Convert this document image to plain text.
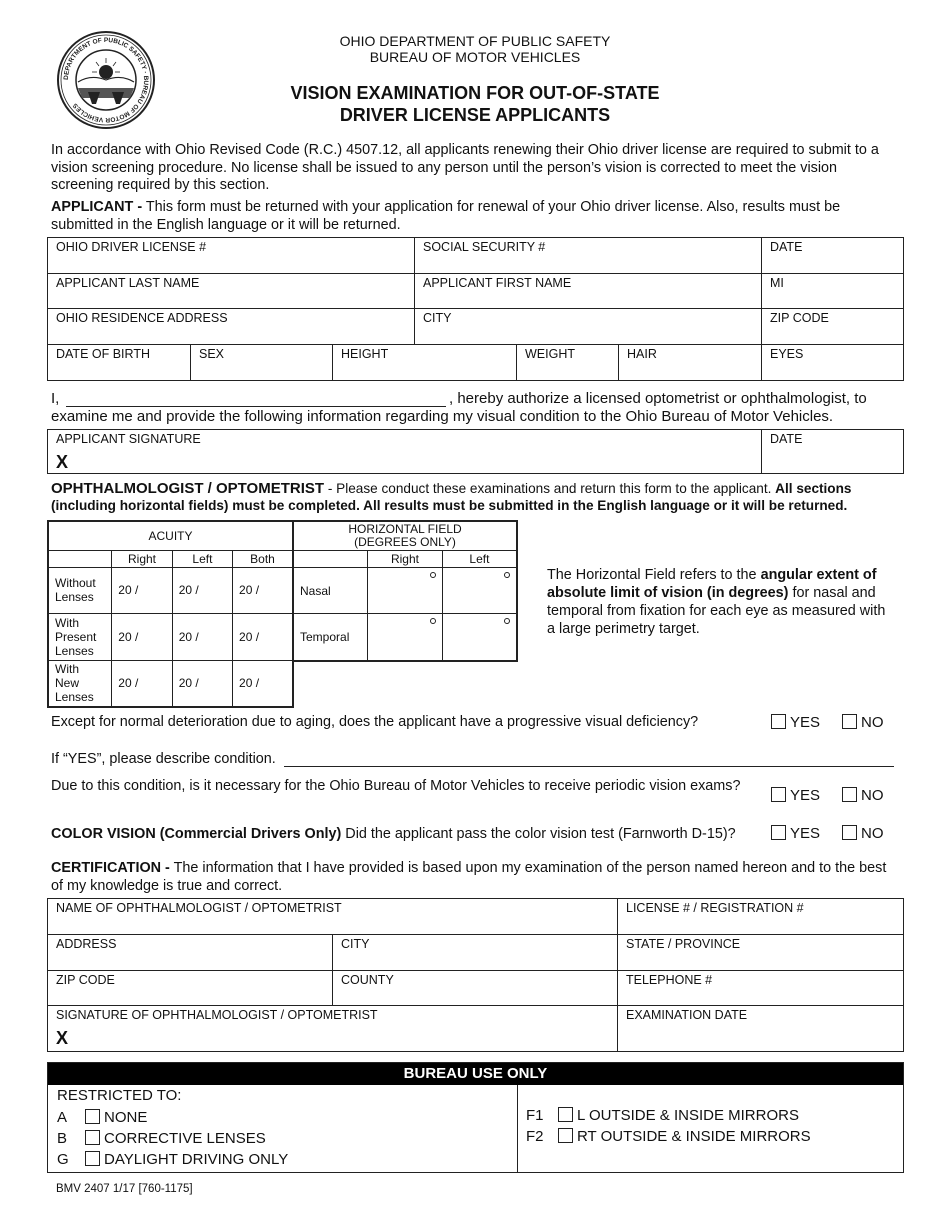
DEPARTMENT OF PUBLIC SAFETY · BUREAU OF MOTOR VEHICLES
OHIO DEPARTMENT OF PUBLIC SAFETY
BUREAU OF MOTOR VEHICLES
VISION EXAMINATION FOR OUT-OF-STATE
DRIVER LICENSE APPLICANTS
In accordance with Ohio Revised Code (R.C.) 4507.12, all applicants renewing their Ohio driver license are required to submit to a vision screening procedure. No license shall be issued to any person until the person’s vision is corrected to meet the vision screening required by this section.
APPLICANT - This form must be returned with your application for renewal of your Ohio driver license. Also, results must be submitted in the English language or it will be returned.
OHIO DRIVER LICENSE #	SOCIAL SECURITY #	DATE
APPLICANT LAST NAME	APPLICANT FIRST NAME	MI
OHIO RESIDENCE ADDRESS	CITY	ZIP CODE
DATE OF BIRTH	SEX	HEIGHT	WEIGHT	HAIR	EYES
I,	, hereby authorize a licensed optometrist or ophthalmologist, to
examine me and provide the following information regarding my visual condition to the Ohio Bureau of Motor Vehicles.
APPLICANT SIGNATURE
X
DATE
OPHTHALMOLOGIST / OPTOMETRIST - Please conduct these examinations and return this form to the applicant. All sections (including horizontal fields) must be completed. All results must be submitted in the English language or it will be returned.
ACUITY			
	Right	Left	Both
Without Lenses	20 /	20 /	20 /
With Present Lenses	20 /	20 /	20 /
With New Lenses	20 /	20 /	20 /
HORIZONTAL FIELD
(DEGREES ONLY)		

	Right	Left
Nasal	

Temporal	

The Horizontal Field refers to the angular extent of absolute limit of vision (in degrees) for nasal and temporal from fixation for each eye as measured with a large perimetry target.
Except for normal deterioration due to aging, does the applicant have a progressive visual deficiency?	YES	NO
If “YES”, please describe condition.
Due to this condition, is it necessary for the Ohio Bureau of Motor Vehicles to receive periodic vision exams?
YES	NO
COLOR VISION (Commercial Drivers Only) Did the applicant pass the color vision test (Farnworth D-15)?	YES	NO
CERTIFICATION - The information that I have provided is based upon my examination of the person named hereon and to the best of my knowledge is true and correct.
NAME OF OPHTHALMOLOGIST / OPTOMETRIST	LICENSE # / REGISTRATION #
ADDRESS	CITY	STATE / PROVINCE
ZIP CODE	COUNTY	TELEPHONE #
SIGNATURE OF OPHTHALMOLOGIST / OPTOMETRIST
X
EXAMINATION DATE
BUREAU USE ONLY
RESTRICTED TO:
A NONE
B CORRECTIVE LENSES
G DAYLIGHT DRIVING ONLY
F1 L OUTSIDE & INSIDE MIRRORS
F2 RT OUTSIDE & INSIDE MIRRORS
BMV 2407 1/17 [760-1175]
